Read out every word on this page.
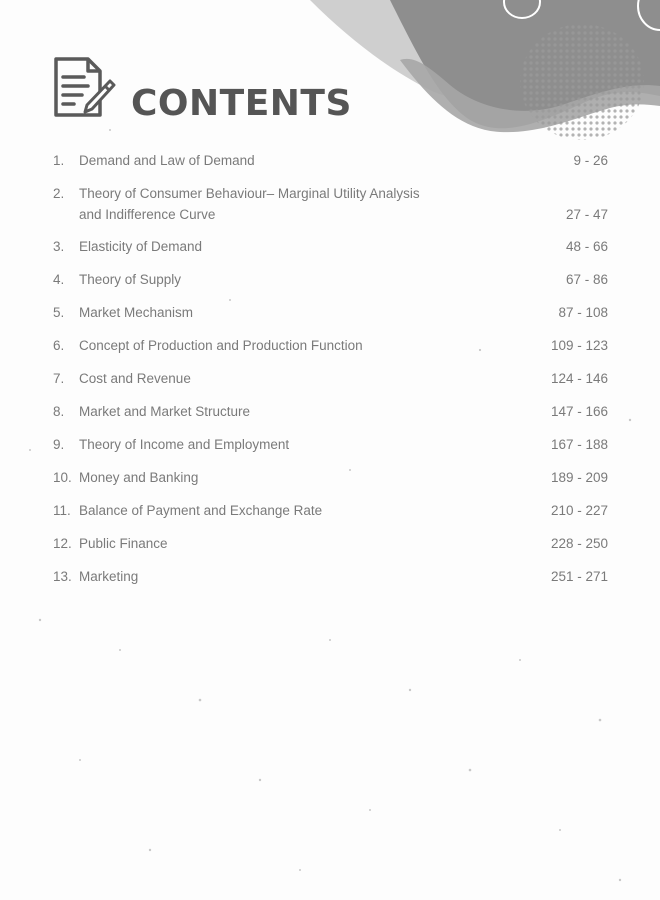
CONTENTS
1.	Demand and Law of Demand	9 - 26
2.	Theory of Consumer Behaviour– Marginal Utility Analysis
and Indifference Curve	27 - 47
3.	Elasticity of Demand	48 - 66
4.	Theory of Supply	67 - 86
5.	Market Mechanism	87 - 108
6.	Concept of Production and Production Function	109 - 123
7.	Cost and Revenue	124 - 146
8.	Market and Market Structure	147 - 166
9.	Theory of Income and Employment	167 - 188
10. Money and Banking	189 - 209
11. Balance of Payment and Exchange Rate	210 - 227
12. Public Finance	228 - 250
13. Marketing	251 - 271
